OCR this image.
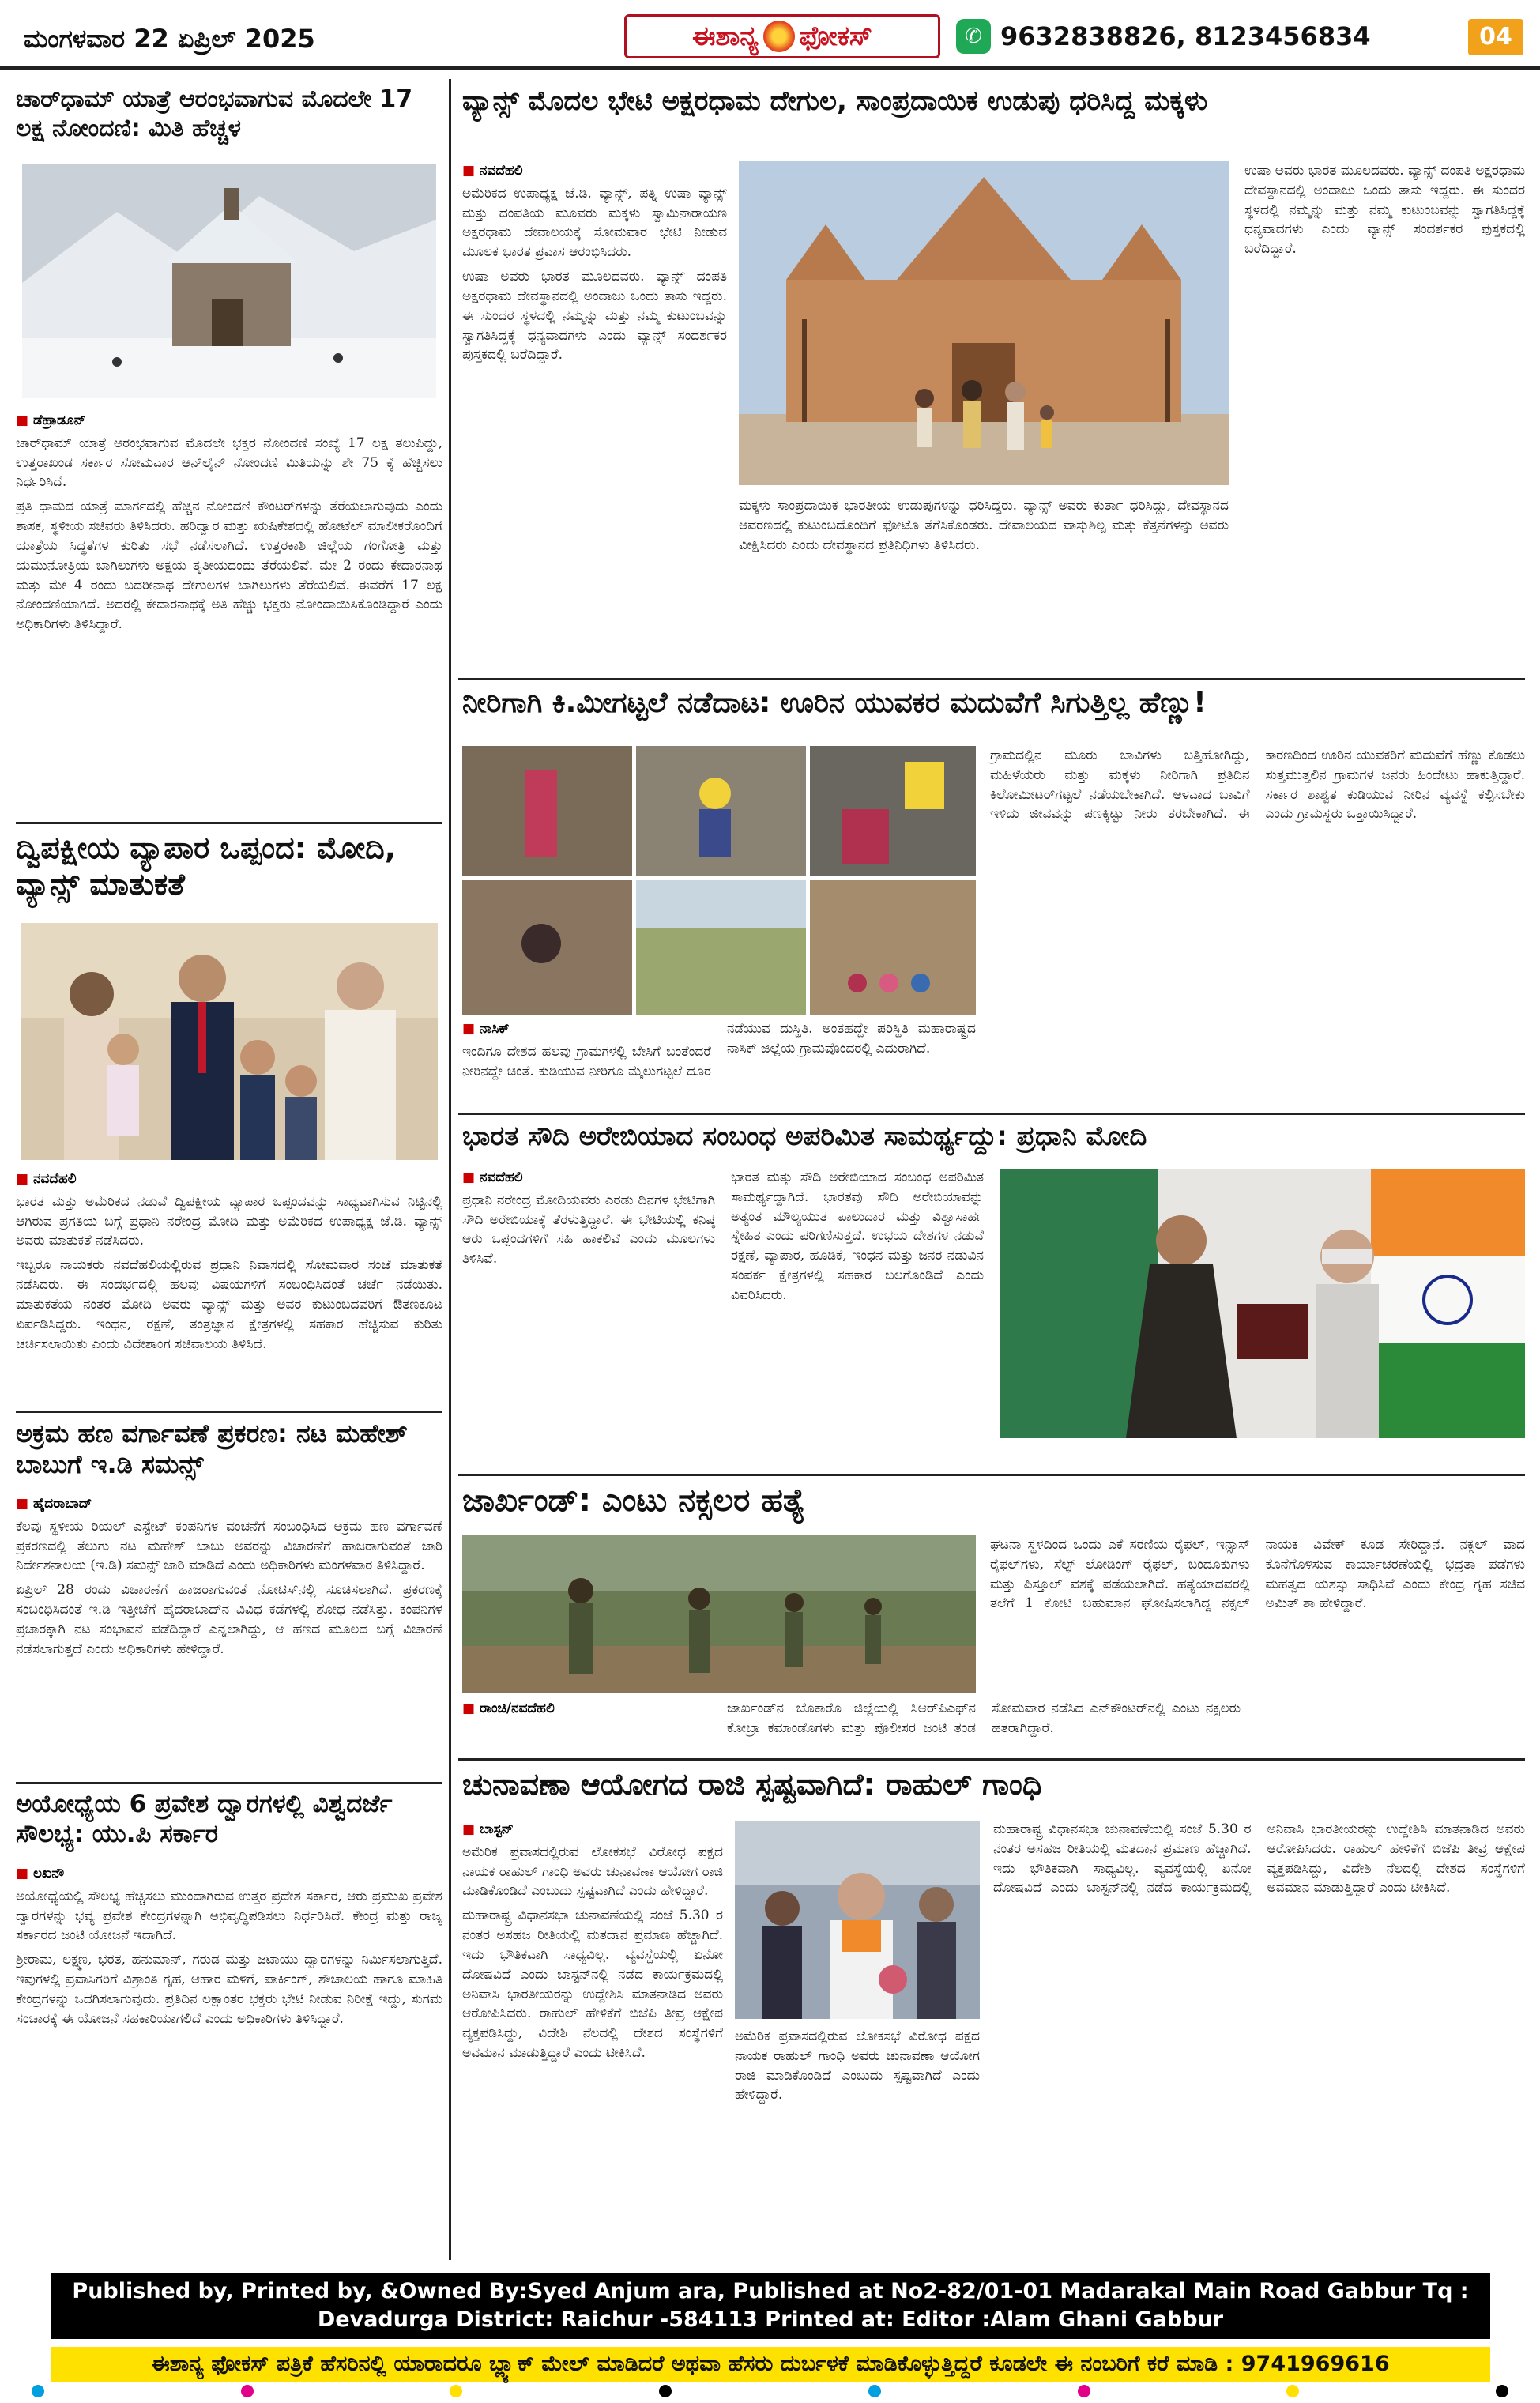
ಮಂಗಳವಾರ 22 ಏಪ್ರಿಲ್ 2025	ಈಶಾನ್ಯ ಫೋಕಸ್	✆ 9632838826, 8123456834	04
ಚಾರ್‌ಧಾಮ್ ಯಾತ್ರೆ ಆರಂಭವಾಗುವ ಮೊದಲೇ 17 ಲಕ್ಷ ನೋಂದಣಿ: ಮಿತಿ ಹೆಚ್ಚಳ
■ ಡೆಹ್ರಾಡೂನ್

ಚಾರ್‌ಧಾಮ್ ಯಾತ್ರೆ ಆರಂಭವಾಗುವ ಮೊದಲೇ ಭಕ್ತರ ನೋಂದಣಿ ಸಂಖ್ಯೆ 17 ಲಕ್ಷ ತಲುಪಿದ್ದು, ಉತ್ತರಾಖಂಡ ಸರ್ಕಾರ ಸೋಮವಾರ ಆನ್‌ಲೈನ್ ನೋಂದಣಿ ಮಿತಿಯನ್ನು ಶೇ 75 ಕ್ಕೆ ಹೆಚ್ಚಿಸಲು ನಿರ್ಧರಿಸಿದೆ.

ಪ್ರತಿ ಧಾಮದ ಯಾತ್ರೆ ಮಾರ್ಗದಲ್ಲಿ ಹೆಚ್ಚಿನ ನೋಂದಣಿ ಕೌಂಟರ್‌ಗಳನ್ನು ತೆರೆಯಲಾಗುವುದು ಎಂದು ಶಾಸಕ, ಸ್ಥಳೀಯ ಸಚಿವರು ತಿಳಿಸಿದರು. ಹರಿದ್ವಾರ ಮತ್ತು ಋಷಿಕೇಶದಲ್ಲಿ ಹೋಟೆಲ್ ಮಾಲೀಕರೊಂದಿಗೆ ಯಾತ್ರೆಯ ಸಿದ್ಧತೆಗಳ ಕುರಿತು ಸಭೆ ನಡೆಸಲಾಗಿದೆ. ಉತ್ತರಕಾಶಿ ಜಿಲ್ಲೆಯ ಗಂಗೋತ್ರಿ ಮತ್ತು ಯಮುನೋತ್ರಿಯ ಬಾಗಿಲುಗಳು ಅಕ್ಷಯ ತೃತೀಯದಂದು ತೆರೆಯಲಿವೆ. ಮೇ 2 ರಂದು ಕೇದಾರನಾಥ ಮತ್ತು ಮೇ 4 ರಂದು ಬದರೀನಾಥ ದೇಗುಲಗಳ ಬಾಗಿಲುಗಳು ತೆರೆಯಲಿವೆ. ಈವರೆಗೆ 17 ಲಕ್ಷ ನೋಂದಣಿಯಾಗಿದೆ. ಅದರಲ್ಲಿ ಕೇದಾರನಾಥಕ್ಕೆ ಅತಿ ಹೆಚ್ಚು ಭಕ್ತರು ನೋಂದಾಯಿಸಿಕೊಂಡಿದ್ದಾರೆ ಎಂದು ಅಧಿಕಾರಿಗಳು ತಿಳಿಸಿದ್ದಾರೆ.

ದ್ವಿಪಕ್ಷೀಯ ವ್ಯಾಪಾರ ಒಪ್ಪಂದ: ಮೋದಿ, ವ್ಯಾನ್ಸ್ ಮಾತುಕತೆ
■ ನವದೆಹಲಿ

ಭಾರತ ಮತ್ತು ಅಮೆರಿಕದ ನಡುವೆ ದ್ವಿಪಕ್ಷೀಯ ವ್ಯಾಪಾರ ಒಪ್ಪಂದವನ್ನು ಸಾಧ್ಯವಾಗಿಸುವ ನಿಟ್ಟಿನಲ್ಲಿ ಆಗಿರುವ ಪ್ರಗತಿಯ ಬಗ್ಗೆ ಪ್ರಧಾನಿ ನರೇಂದ್ರ ಮೋದಿ ಮತ್ತು ಅಮೆರಿಕದ ಉಪಾಧ್ಯಕ್ಷ ಜೆ.ಡಿ. ವ್ಯಾನ್ಸ್ ಅವರು ಮಾತುಕತೆ ನಡೆಸಿದರು.

ಇಬ್ಬರೂ ನಾಯಕರು ನವದೆಹಲಿಯಲ್ಲಿರುವ ಪ್ರಧಾನಿ ನಿವಾಸದಲ್ಲಿ ಸೋಮವಾರ ಸಂಜೆ ಮಾತುಕತೆ ನಡೆಸಿದರು. ಈ ಸಂದರ್ಭದಲ್ಲಿ ಹಲವು ವಿಷಯಗಳಿಗೆ ಸಂಬಂಧಿಸಿದಂತೆ ಚರ್ಚೆ ನಡೆಯಿತು. ಮಾತುಕತೆಯ ನಂತರ ಮೋದಿ ಅವರು ವ್ಯಾನ್ಸ್ ಮತ್ತು ಅವರ ಕುಟುಂಬದವರಿಗೆ ಔತಣಕೂಟ ಏರ್ಪಡಿಸಿದ್ದರು. ಇಂಧನ, ರಕ್ಷಣೆ, ತಂತ್ರಜ್ಞಾನ ಕ್ಷೇತ್ರಗಳಲ್ಲಿ ಸಹಕಾರ ಹೆಚ್ಚಿಸುವ ಕುರಿತು ಚರ್ಚಿಸಲಾಯಿತು ಎಂದು ವಿದೇಶಾಂಗ ಸಚಿವಾಲಯ ತಿಳಿಸಿದೆ.

ಅಕ್ರಮ ಹಣ ವರ್ಗಾವಣೆ ಪ್ರಕರಣ: ನಟ ಮಹೇಶ್ ಬಾಬುಗೆ ಇ.ಡಿ ಸಮನ್ಸ್
■ ಹೈದರಾಬಾದ್

ಕೆಲವು ಸ್ಥಳೀಯ ರಿಯಲ್ ಎಸ್ಟೇಟ್ ಕಂಪನಿಗಳ ವಂಚನೆಗೆ ಸಂಬಂಧಿಸಿದ ಅಕ್ರಮ ಹಣ ವರ್ಗಾವಣೆ ಪ್ರಕರಣದಲ್ಲಿ ತೆಲುಗು ನಟ ಮಹೇಶ್ ಬಾಬು ಅವರನ್ನು ವಿಚಾರಣೆಗೆ ಹಾಜರಾಗುವಂತೆ ಜಾರಿ ನಿರ್ದೇಶನಾಲಯ (ಇ.ಡಿ) ಸಮನ್ಸ್ ಜಾರಿ ಮಾಡಿದೆ ಎಂದು ಅಧಿಕಾರಿಗಳು ಮಂಗಳವಾರ ತಿಳಿಸಿದ್ದಾರೆ.

ಏಪ್ರಿಲ್ 28 ರಂದು ವಿಚಾರಣೆಗೆ ಹಾಜರಾಗುವಂತೆ ನೋಟಿಸ್‌ನಲ್ಲಿ ಸೂಚಿಸಲಾಗಿದೆ. ಪ್ರಕರಣಕ್ಕೆ ಸಂಬಂಧಿಸಿದಂತೆ ಇ.ಡಿ ಇತ್ತೀಚೆಗೆ ಹೈದರಾಬಾದ್‌ನ ವಿವಿಧ ಕಡೆಗಳಲ್ಲಿ ಶೋಧ ನಡೆಸಿತ್ತು. ಕಂಪನಿಗಳ ಪ್ರಚಾರಕ್ಕಾಗಿ ನಟ ಸಂಭಾವನೆ ಪಡೆದಿದ್ದಾರೆ ಎನ್ನಲಾಗಿದ್ದು, ಆ ಹಣದ ಮೂಲದ ಬಗ್ಗೆ ವಿಚಾರಣೆ ನಡೆಸಲಾಗುತ್ತದೆ ಎಂದು ಅಧಿಕಾರಿಗಳು ಹೇಳಿದ್ದಾರೆ.

ಅಯೋಧ್ಯೆಯ 6 ಪ್ರವೇಶ ದ್ವಾರಗಳಲ್ಲಿ ವಿಶ್ವದರ್ಜೆ ಸೌಲಭ್ಯ: ಯು.ಪಿ ಸರ್ಕಾರ
■ ಲಖನೌ

ಅಯೋಧ್ಯೆಯಲ್ಲಿ ಸೌಲಭ್ಯ ಹೆಚ್ಚಿಸಲು ಮುಂದಾಗಿರುವ ಉತ್ತರ ಪ್ರದೇಶ ಸರ್ಕಾರ, ಆರು ಪ್ರಮುಖ ಪ್ರವೇಶ ದ್ವಾರಗಳನ್ನು ಭವ್ಯ ಪ್ರವೇಶ ಕೇಂದ್ರಗಳನ್ನಾಗಿ ಅಭಿವೃದ್ಧಿಪಡಿಸಲು ನಿರ್ಧರಿಸಿದೆ. ಕೇಂದ್ರ ಮತ್ತು ರಾಜ್ಯ ಸರ್ಕಾರದ ಜಂಟಿ ಯೋಜನೆ ಇದಾಗಿದೆ.

ಶ್ರೀರಾಮ, ಲಕ್ಷ್ಮಣ, ಭರತ, ಹನುಮಾನ್, ಗರುಡ ಮತ್ತು ಜಟಾಯು ದ್ವಾರಗಳನ್ನು ನಿರ್ಮಿಸಲಾಗುತ್ತಿದೆ. ಇವುಗಳಲ್ಲಿ ಪ್ರವಾಸಿಗರಿಗೆ ವಿಶ್ರಾಂತಿ ಗೃಹ, ಆಹಾರ ಮಳಿಗೆ, ಪಾರ್ಕಿಂಗ್, ಶೌಚಾಲಯ ಹಾಗೂ ಮಾಹಿತಿ ಕೇಂದ್ರಗಳನ್ನು ಒದಗಿಸಲಾಗುವುದು. ಪ್ರತಿದಿನ ಲಕ್ಷಾಂತರ ಭಕ್ತರು ಭೇಟಿ ನೀಡುವ ನಿರೀಕ್ಷೆ ಇದ್ದು, ಸುಗಮ ಸಂಚಾರಕ್ಕೆ ಈ ಯೋಜನೆ ಸಹಕಾರಿಯಾಗಲಿದೆ ಎಂದು ಅಧಿಕಾರಿಗಳು ತಿಳಿಸಿದ್ದಾರೆ.

ವ್ಯಾನ್ಸ್ ಮೊದಲ ಭೇಟಿ ಅಕ್ಷರಧಾಮ ದೇಗುಲ, ಸಾಂಪ್ರದಾಯಿಕ ಉಡುಪು ಧರಿಸಿದ್ದ ಮಕ್ಕಳು
■ ನವದೆಹಲಿ

ಅಮೆರಿಕದ ಉಪಾಧ್ಯಕ್ಷ ಜೆ.ಡಿ. ವ್ಯಾನ್ಸ್, ಪತ್ನಿ ಉಷಾ ವ್ಯಾನ್ಸ್ ಮತ್ತು ದಂಪತಿಯ ಮೂವರು ಮಕ್ಕಳು ಸ್ವಾಮಿನಾರಾಯಣ ಅಕ್ಷರಧಾಮ ದೇವಾಲಯಕ್ಕೆ ಸೋಮವಾರ ಭೇಟಿ ನೀಡುವ ಮೂಲಕ ಭಾರತ ಪ್ರವಾಸ ಆರಂಭಿಸಿದರು.

ಉಷಾ ಅವರು ಭಾರತ ಮೂಲದವರು. ವ್ಯಾನ್ಸ್ ದಂಪತಿ ಅಕ್ಷರಧಾಮ ದೇವಸ್ಥಾನದಲ್ಲಿ ಅಂದಾಜು ಒಂದು ತಾಸು ಇದ್ದರು. ಈ ಸುಂದರ ಸ್ಥಳದಲ್ಲಿ ನಮ್ಮನ್ನು ಮತ್ತು ನಮ್ಮ ಕುಟುಂಬವನ್ನು ಸ್ವಾಗತಿಸಿದ್ದಕ್ಕೆ ಧನ್ಯವಾದಗಳು ಎಂದು ವ್ಯಾನ್ಸ್ ಸಂದರ್ಶಕರ ಪುಸ್ತಕದಲ್ಲಿ ಬರೆದಿದ್ದಾರೆ.

ಮಕ್ಕಳು ಸಾಂಪ್ರದಾಯಿಕ ಭಾರತೀಯ ಉಡುಪುಗಳನ್ನು ಧರಿಸಿದ್ದರು. ವ್ಯಾನ್ಸ್ ಅವರು ಕುರ್ತಾ ಧರಿಸಿದ್ದು, ದೇವಸ್ಥಾನದ ಆವರಣದಲ್ಲಿ ಕುಟುಂಬದೊಂದಿಗೆ ಫೋಟೊ ತೆಗೆಸಿಕೊಂಡರು. ದೇವಾಲಯದ ವಾಸ್ತುಶಿಲ್ಪ ಮತ್ತು ಕೆತ್ತನೆಗಳನ್ನು ಅವರು ವೀಕ್ಷಿಸಿದರು ಎಂದು ದೇವಸ್ಥಾನದ ಪ್ರತಿನಿಧಿಗಳು ತಿಳಿಸಿದರು.

ಉಷಾ ಅವರು ಭಾರತ ಮೂಲದವರು. ವ್ಯಾನ್ಸ್ ದಂಪತಿ ಅಕ್ಷರಧಾಮ ದೇವಸ್ಥಾನದಲ್ಲಿ ಅಂದಾಜು ಒಂದು ತಾಸು ಇದ್ದರು. ಈ ಸುಂದರ ಸ್ಥಳದಲ್ಲಿ ನಮ್ಮನ್ನು ಮತ್ತು ನಮ್ಮ ಕುಟುಂಬವನ್ನು ಸ್ವಾಗತಿಸಿದ್ದಕ್ಕೆ ಧನ್ಯವಾದಗಳು ಎಂದು ವ್ಯಾನ್ಸ್ ಸಂದರ್ಶಕರ ಪುಸ್ತಕದಲ್ಲಿ ಬರೆದಿದ್ದಾರೆ.

ನೀರಿಗಾಗಿ ಕಿ.ಮೀಗಟ್ಟಲೆ ನಡೆದಾಟ: ಊರಿನ ಯುವಕರ ಮದುವೆಗೆ ಸಿಗುತ್ತಿಲ್ಲ ಹೆಣ್ಣು!
■ ನಾಸಿಕ್

ಇಂದಿಗೂ ದೇಶದ ಹಲವು ಗ್ರಾಮಗಳಲ್ಲಿ ಬೇಸಿಗೆ ಬಂತೆಂದರೆ ನೀರಿನದ್ದೇ ಚಿಂತೆ. ಕುಡಿಯುವ ನೀರಿಗೂ ಮೈಲುಗಟ್ಟಲೆ ದೂರ ನಡೆಯುವ ದುಸ್ಥಿತಿ. ಅಂತಹದ್ದೇ ಪರಿಸ್ಥಿತಿ ಮಹಾರಾಷ್ಟ್ರದ ನಾಸಿಕ್ ಜಿಲ್ಲೆಯ ಗ್ರಾಮವೊಂದರಲ್ಲಿ ಎದುರಾಗಿದೆ.

ಗ್ರಾಮದಲ್ಲಿನ ಮೂರು ಬಾವಿಗಳು ಬತ್ತಿಹೋಗಿದ್ದು, ಮಹಿಳೆಯರು ಮತ್ತು ಮಕ್ಕಳು ನೀರಿಗಾಗಿ ಪ್ರತಿದಿನ ಕಿಲೋಮೀಟರ್‌ಗಟ್ಟಲೆ ನಡೆಯಬೇಕಾಗಿದೆ. ಆಳವಾದ ಬಾವಿಗೆ ಇಳಿದು ಜೀವವನ್ನು ಪಣಕ್ಕಿಟ್ಟು ನೀರು ತರಬೇಕಾಗಿದೆ. ಈ ಕಾರಣದಿಂದ ಊರಿನ ಯುವಕರಿಗೆ ಮದುವೆಗೆ ಹೆಣ್ಣು ಕೊಡಲು ಸುತ್ತಮುತ್ತಲಿನ ಗ್ರಾಮಗಳ ಜನರು ಹಿಂದೇಟು ಹಾಕುತ್ತಿದ್ದಾರೆ. ಸರ್ಕಾರ ಶಾಶ್ವತ ಕುಡಿಯುವ ನೀರಿನ ವ್ಯವಸ್ಥೆ ಕಲ್ಪಿಸಬೇಕು ಎಂದು ಗ್ರಾಮಸ್ಥರು ಒತ್ತಾಯಿಸಿದ್ದಾರೆ.

ಭಾರತ ಸೌದಿ ಅರೇಬಿಯಾದ ಸಂಬಂಧ ಅಪರಿಮಿತ ಸಾಮರ್ಥ್ಯದ್ದು: ಪ್ರಧಾನಿ ಮೋದಿ
■ ನವದೆಹಲಿ

ಪ್ರಧಾನಿ ನರೇಂದ್ರ ಮೋದಿಯವರು ಎರಡು ದಿನಗಳ ಭೇಟಿಗಾಗಿ ಸೌದಿ ಅರೇಬಿಯಾಕ್ಕೆ ತೆರಳುತ್ತಿದ್ದಾರೆ. ಈ ಭೇಟಿಯಲ್ಲಿ ಕನಿಷ್ಠ ಆರು ಒಪ್ಪಂದಗಳಿಗೆ ಸಹಿ ಹಾಕಲಿವೆ ಎಂದು ಮೂಲಗಳು ತಿಳಿಸಿವೆ.

ಭಾರತ ಮತ್ತು ಸೌದಿ ಅರೇಬಿಯಾದ ಸಂಬಂಧ ಅಪರಿಮಿತ ಸಾಮರ್ಥ್ಯದ್ದಾಗಿದೆ. ಭಾರತವು ಸೌದಿ ಅರೇಬಿಯಾವನ್ನು ಅತ್ಯಂತ ಮೌಲ್ಯಯುತ ಪಾಲುದಾರ ಮತ್ತು ವಿಶ್ವಾಸಾರ್ಹ ಸ್ನೇಹಿತ ಎಂದು ಪರಿಗಣಿಸುತ್ತದೆ. ಉಭಯ ದೇಶಗಳ ನಡುವೆ ರಕ್ಷಣೆ, ವ್ಯಾಪಾರ, ಹೂಡಿಕೆ, ಇಂಧನ ಮತ್ತು ಜನರ ನಡುವಿನ ಸಂಪರ್ಕ ಕ್ಷೇತ್ರಗಳಲ್ಲಿ ಸಹಕಾರ ಬಲಗೊಂಡಿದೆ ಎಂದು ವಿವರಿಸಿದರು.

ಜಾರ್ಖಂಡ್: ಎಂಟು ನಕ್ಸಲರ ಹತ್ಯೆ
■ ರಾಂಚಿ/ನವದೆಹಲಿ	ಜಾರ್ಖಂಡ್‌ನ ಬೊಕಾರೊ ಜಿಲ್ಲೆಯಲ್ಲಿ ಸಿಆರ್‌ಪಿಎಫ್‌ನ ಕೋಬ್ರಾ ಕಮಾಂಡೊಗಳು ಮತ್ತು ಪೊಲೀಸರ ಜಂಟಿ ತಂಡ ಸೋಮವಾರ ನಡೆಸಿದ ಎನ್‌ಕೌಂಟರ್‌ನಲ್ಲಿ ಎಂಟು ನಕ್ಸಲರು ಹತರಾಗಿದ್ದಾರೆ.

ಘಟನಾ ಸ್ಥಳದಿಂದ ಒಂದು ಎಕೆ ಸರಣಿಯ ರೈಫಲ್, ಇನ್ಸಾಸ್ ರೈಫಲ್‌ಗಳು, ಸೆಲ್ಫ್ ಲೋಡಿಂಗ್ ರೈಫಲ್, ಬಂದೂಕುಗಳು ಮತ್ತು ಪಿಸ್ತೂಲ್ ವಶಕ್ಕೆ ಪಡೆಯಲಾಗಿದೆ. ಹತ್ಯೆಯಾದವರಲ್ಲಿ ತಲೆಗೆ 1 ಕೋಟಿ ಬಹುಮಾನ ಘೋಷಿಸಲಾಗಿದ್ದ ನಕ್ಸಲ್ ನಾಯಕ ವಿವೇಕ್ ಕೂಡ ಸೇರಿದ್ದಾನೆ. ನಕ್ಸಲ್ ವಾದ ಕೊನೆಗೊಳಿಸುವ ಕಾರ್ಯಾಚರಣೆಯಲ್ಲಿ ಭದ್ರತಾ ಪಡೆಗಳು ಮಹತ್ವದ ಯಶಸ್ಸು ಸಾಧಿಸಿವೆ ಎಂದು ಕೇಂದ್ರ ಗೃಹ ಸಚಿವ ಅಮಿತ್ ಶಾ ಹೇಳಿದ್ದಾರೆ.

ಚುನಾವಣಾ ಆಯೋಗದ ರಾಜಿ ಸ್ಪಷ್ಟವಾಗಿದೆ: ರಾಹುಲ್ ಗಾಂಧಿ
■ ಬಾಸ್ಟನ್

ಅಮೆರಿಕ ಪ್ರವಾಸದಲ್ಲಿರುವ ಲೋಕಸಭೆ ವಿರೋಧ ಪಕ್ಷದ ನಾಯಕ ರಾಹುಲ್ ಗಾಂಧಿ ಅವರು ಚುನಾವಣಾ ಆಯೋಗ ರಾಜಿ ಮಾಡಿಕೊಂಡಿದೆ ಎಂಬುದು ಸ್ಪಷ್ಟವಾಗಿದೆ ಎಂದು ಹೇಳಿದ್ದಾರೆ.

ಮಹಾರಾಷ್ಟ್ರ ವಿಧಾನಸಭಾ ಚುನಾವಣೆಯಲ್ಲಿ ಸಂಜೆ 5.30 ರ ನಂತರ ಅಸಹಜ ರೀತಿಯಲ್ಲಿ ಮತದಾನ ಪ್ರಮಾಣ ಹೆಚ್ಚಾಗಿದೆ. ಇದು ಭೌತಿಕವಾಗಿ ಸಾಧ್ಯವಿಲ್ಲ. ವ್ಯವಸ್ಥೆಯಲ್ಲಿ ಏನೋ ದೋಷವಿದೆ ಎಂದು ಬಾಸ್ಟನ್‌ನಲ್ಲಿ ನಡೆದ ಕಾರ್ಯಕ್ರಮದಲ್ಲಿ ಅನಿವಾಸಿ ಭಾರತೀಯರನ್ನು ಉದ್ದೇಶಿಸಿ ಮಾತನಾಡಿದ ಅವರು ಆರೋಪಿಸಿದರು. ರಾಹುಲ್ ಹೇಳಿಕೆಗೆ ಬಿಜೆಪಿ ತೀವ್ರ ಆಕ್ಷೇಪ ವ್ಯಕ್ತಪಡಿಸಿದ್ದು, ವಿದೇಶಿ ನೆಲದಲ್ಲಿ ದೇಶದ ಸಂಸ್ಥೆಗಳಿಗೆ ಅವಮಾನ ಮಾಡುತ್ತಿದ್ದಾರೆ ಎಂದು ಟೀಕಿಸಿದೆ.

ಅಮೆರಿಕ ಪ್ರವಾಸದಲ್ಲಿರುವ ಲೋಕಸಭೆ ವಿರೋಧ ಪಕ್ಷದ ನಾಯಕ ರಾಹುಲ್ ಗಾಂಧಿ ಅವರು ಚುನಾವಣಾ ಆಯೋಗ ರಾಜಿ ಮಾಡಿಕೊಂಡಿದೆ ಎಂಬುದು ಸ್ಪಷ್ಟವಾಗಿದೆ ಎಂದು ಹೇಳಿದ್ದಾರೆ.

ಮಹಾರಾಷ್ಟ್ರ ವಿಧಾನಸಭಾ ಚುನಾವಣೆಯಲ್ಲಿ ಸಂಜೆ 5.30 ರ ನಂತರ ಅಸಹಜ ರೀತಿಯಲ್ಲಿ ಮತದಾನ ಪ್ರಮಾಣ ಹೆಚ್ಚಾಗಿದೆ. ಇದು ಭೌತಿಕವಾಗಿ ಸಾಧ್ಯವಿಲ್ಲ. ವ್ಯವಸ್ಥೆಯಲ್ಲಿ ಏನೋ ದೋಷವಿದೆ ಎಂದು ಬಾಸ್ಟನ್‌ನಲ್ಲಿ ನಡೆದ ಕಾರ್ಯಕ್ರಮದಲ್ಲಿ ಅನಿವಾಸಿ ಭಾರತೀಯರನ್ನು ಉದ್ದೇಶಿಸಿ ಮಾತನಾಡಿದ ಅವರು ಆರೋಪಿಸಿದರು. ರಾಹುಲ್ ಹೇಳಿಕೆಗೆ ಬಿಜೆಪಿ ತೀವ್ರ ಆಕ್ಷೇಪ ವ್ಯಕ್ತಪಡಿಸಿದ್ದು, ವಿದೇಶಿ ನೆಲದಲ್ಲಿ ದೇಶದ ಸಂಸ್ಥೆಗಳಿಗೆ ಅವಮಾನ ಮಾಡುತ್ತಿದ್ದಾರೆ ಎಂದು ಟೀಕಿಸಿದೆ.

Published by, Printed by, &Owned By:Syed Anjum ara, Published at No2-82/01-01 Madarakal Main Road Gabbur Tq : Devadurga District: Raichur -584113 Printed at: Editor :Alam Ghani Gabbur
ಈಶಾನ್ಯ ಫೋಕಸ್ ಪತ್ರಿಕೆ ಹೆಸರಿನಲ್ಲಿ ಯಾರಾದರೂ ಬ್ಲ್ಯಾಕ್ ಮೇಲ್ ಮಾಡಿದರೆ ಅಥವಾ ಹೆಸರು ದುರ್ಬಳಕೆ ಮಾಡಿಕೊಳ್ಳುತ್ತಿದ್ದರೆ ಕೂಡಲೇ ಈ ನಂಬರಿಗೆ ಕರೆ ಮಾಡಿ : 9741969616
